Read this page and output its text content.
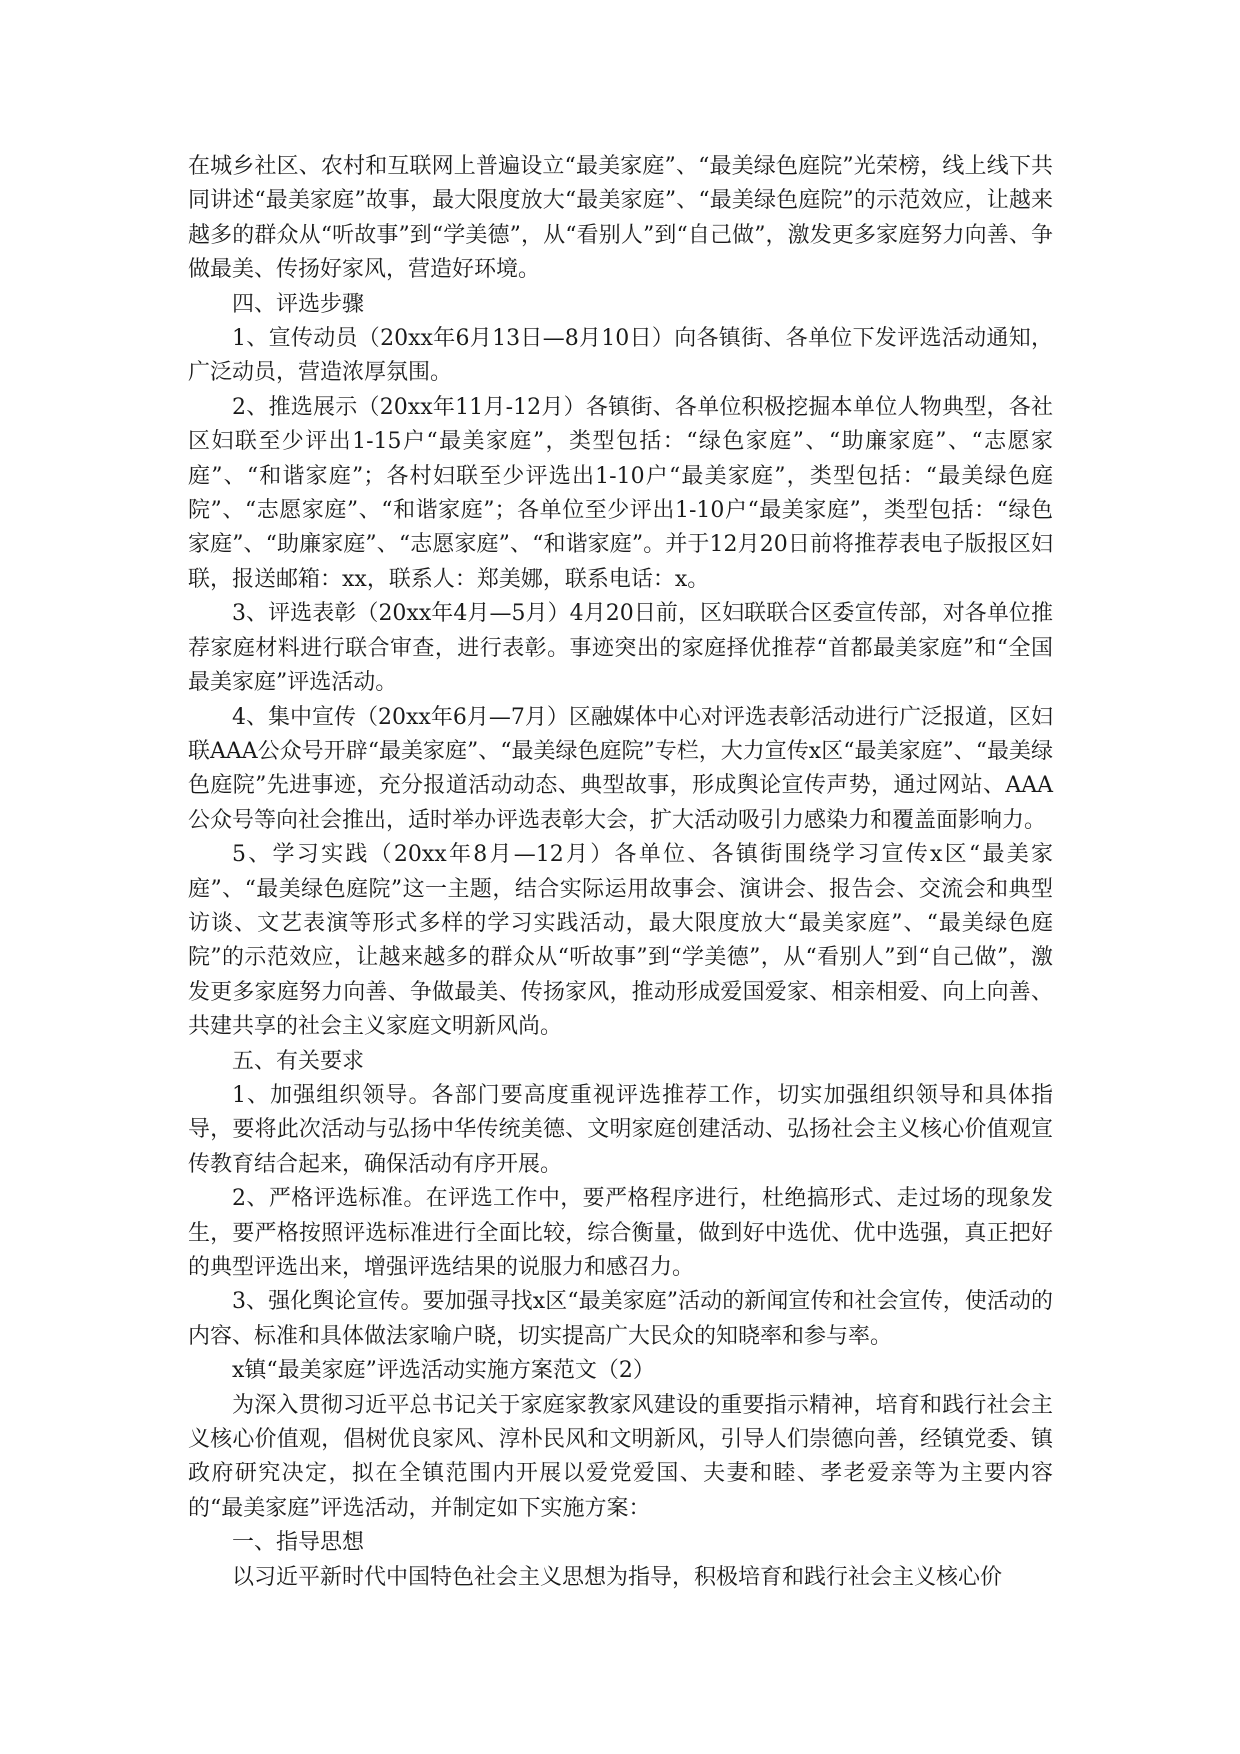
在城乡社区、农村和互联网上普遍设立“最美家庭”、“最美绿色庭院”光荣榜，线上线下共同讲述“最美家庭”故事，最大限度放大“最美家庭”、“最美绿色庭院”的示范效应，让越来越多的群众从“听故事”到“学美德”，从“看别人”到“自己做”，激发更多家庭努力向善、争做最美、传扬好家风，营造好环境。

四、评选步骤

1、宣传动员（20xx年6月13日—8月10日）向各镇街、各单位下发评选活动通知，广泛动员，营造浓厚氛围。

2、推选展示（20xx年11月-12月）各镇街、各单位积极挖掘本单位人物典型，各社区妇联至少评出1-15户“最美家庭”，类型包括：“绿色家庭”、“助廉家庭”、“志愿家庭”、“和谐家庭”；各村妇联至少评选出1-10户“最美家庭”，类型包括：“最美绿色庭院”、“志愿家庭”、“和谐家庭”；各单位至少评出1-10户“最美家庭”，类型包括：“绿色家庭”、“助廉家庭”、“志愿家庭”、“和谐家庭”。并于12月20日前将推荐表电子版报区妇联，报送邮箱：xx，联系人：郑美娜，联系电话：x。

3、评选表彰（20xx年4月—5月）4月20日前，区妇联联合区委宣传部，对各单位推荐家庭材料进行联合审查，进行表彰。事迹突出的家庭择优推荐“首都最美家庭”和“全国最美家庭”评选活动。

4、集中宣传（20xx年6月—7月）区融媒体中心对评选表彰活动进行广泛报道，区妇联AAA公众号开辟“最美家庭”、“最美绿色庭院”专栏，大力宣传x区“最美家庭”、“最美绿色庭院”先进事迹，充分报道活动动态、典型故事，形成舆论宣传声势，通过网站、AAA公众号等向社会推出，适时举办评选表彰大会，扩大活动吸引力感染力和覆盖面影响力。

5、学习实践（20xx年8月—12月）各单位、各镇街围绕学习宣传x区“最美家庭”、“最美绿色庭院”这一主题，结合实际运用故事会、演讲会、报告会、交流会和典型访谈、文艺表演等形式多样的学习实践活动，最大限度放大“最美家庭”、“最美绿色庭院”的示范效应，让越来越多的群众从“听故事”到“学美德”，从“看别人”到“自己做”，激发更多家庭努力向善、争做最美、传扬家风，推动形成爱国爱家、相亲相爱、向上向善、共建共享的社会主义家庭文明新风尚。

五、有关要求

1、加强组织领导。各部门要高度重视评选推荐工作，切实加强组织领导和具体指导，要将此次活动与弘扬中华传统美德、文明家庭创建活动、弘扬社会主义核心价值观宣传教育结合起来，确保活动有序开展。

2、严格评选标准。在评选工作中，要严格程序进行，杜绝搞形式、走过场的现象发生，要严格按照评选标准进行全面比较，综合衡量，做到好中选优、优中选强，真正把好的典型评选出来，增强评选结果的说服力和感召力。

3、强化舆论宣传。要加强寻找x区“最美家庭”活动的新闻宣传和社会宣传，使活动的内容、标准和具体做法家喻户晓，切实提高广大民众的知晓率和参与率。

x镇“最美家庭”评选活动实施方案范文（2）

为深入贯彻习近平总书记关于家庭家教家风建设的重要指示精神，培育和践行社会主义核心价值观，倡树优良家风、淳朴民风和文明新风，引导人们崇德向善，经镇党委、镇政府研究决定，拟在全镇范围内开展以爱党爱国、夫妻和睦、孝老爱亲等为主要内容的“最美家庭”评选活动，并制定如下实施方案：

一、指导思想

以习近平新时代中国特色社会主义思想为指导，积极培育和践行社会主义核心价
